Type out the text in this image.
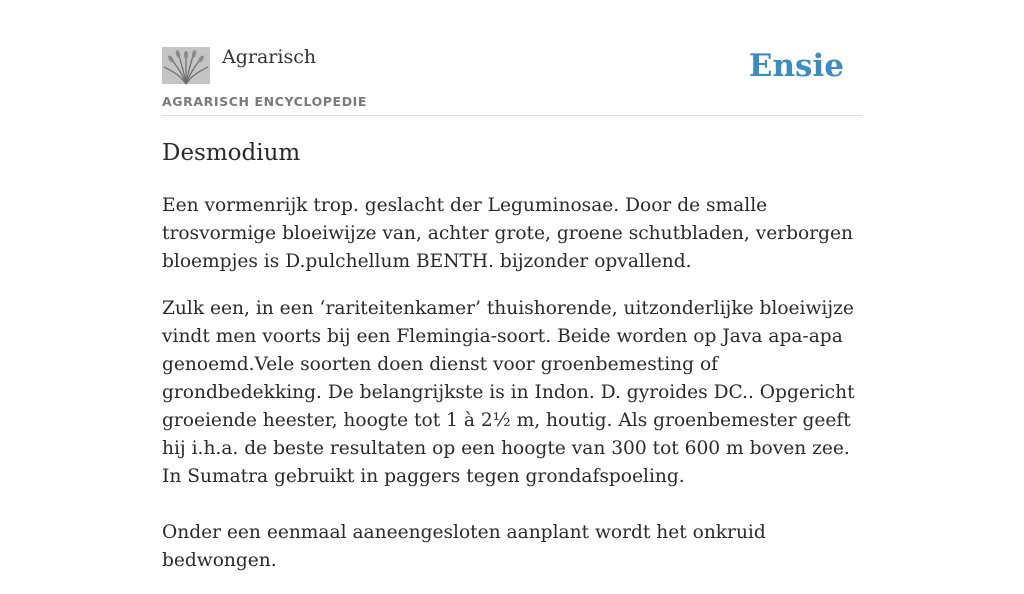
Agrarisch
AGRARISCH ENCYCLOPEDIE
Ensie
Desmodium

Een vormenrijk trop. geslacht der Leguminosae. Door de smalle trosvormige bloeiwijze van, achter grote, groene schutbladen, verborgen bloempjes is D.pulchellum BENTH. bijzonder opvallend.

Zulk een, in een ‘rariteitenkamer’ thuishorende, uitzonderlijke bloeiwijze vindt men voorts bij een Flemingia-soort. Beide worden op Java apa-apa genoemd.Vele soorten doen dienst voor groenbemesting of grondbedekking. De belangrijkste is in Indon. D. gyroides DC.. Opgericht groeiende heester, hoogte tot 1 à 2½ m, houtig. Als groenbemester geeft hij i.h.a. de beste resultaten op een hoogte van 300 tot 600 m boven zee. In Sumatra gebruikt in paggers tegen grondafspoeling.

Onder een eenmaal aaneengesloten aanplant wordt het onkruid bedwongen.
